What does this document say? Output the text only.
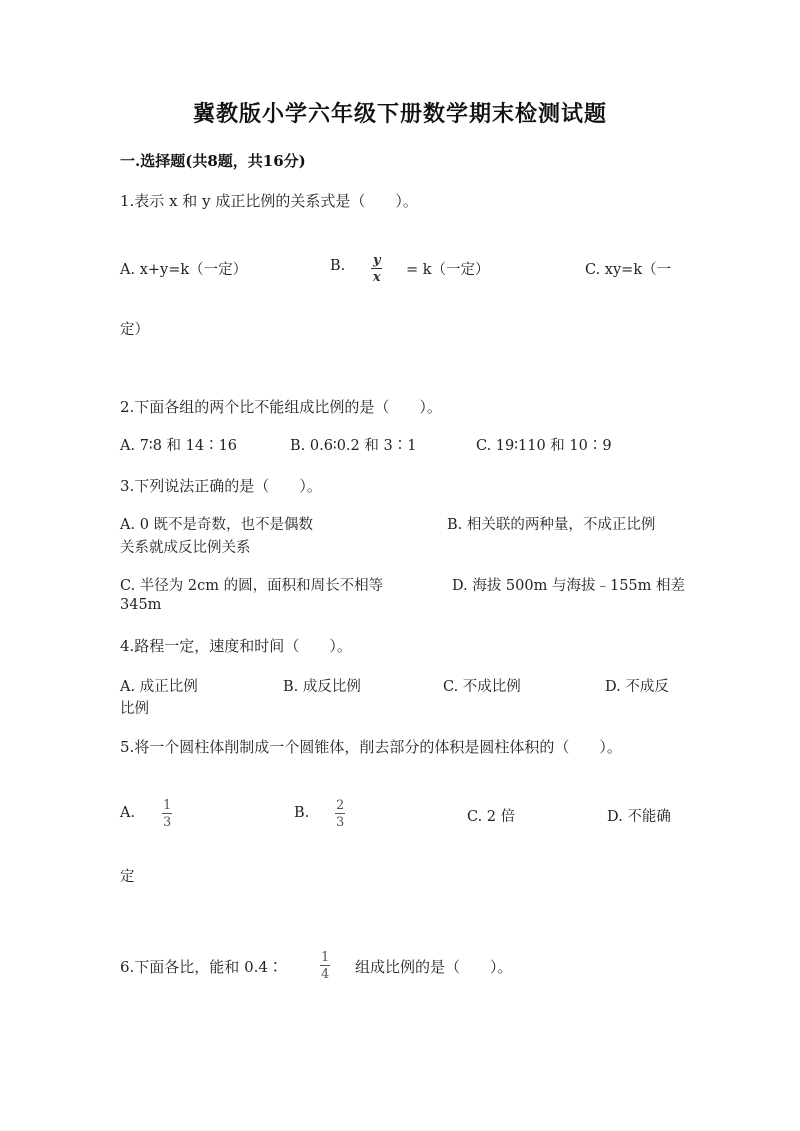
冀教版小学六年级下册数学期末检测试题
一.选择题(共8题，共16分)
1.表示 x 和 y 成正比例的关系式是（　　）。
A. x+y=k（一定）	B. y
x = k（一定）	C. xy=k（一
定）
2.下面各组的两个比不能组成比例的是（　　）。
A. 7∶8 和 14∶16	B. 0.6∶0.2 和 3∶1	C. 19∶110 和 10∶9
3.下列说法正确的是（　　）。
A. 0 既不是奇数，也不是偶数	B. 相关联的两种量，不成正比例
关系就成反比例关系
C. 半径为 2cm 的圆，面积和周长不相等	D. 海拔 500m 与海拔﹣155m 相差
345m
4.路程一定，速度和时间（　　）。
A. 成正比例	B. 成反比例	C. 不成比例	D. 不成反
比例
5.将一个圆柱体削制成一个圆锥体，削去部分的体积是圆柱体积的（　　）。
A. 1
3
B. 2
3	C. 2 倍	D. 不能确
定
6.下面各比，能和 0.4∶
1
4 组成比例的是（　　）。
